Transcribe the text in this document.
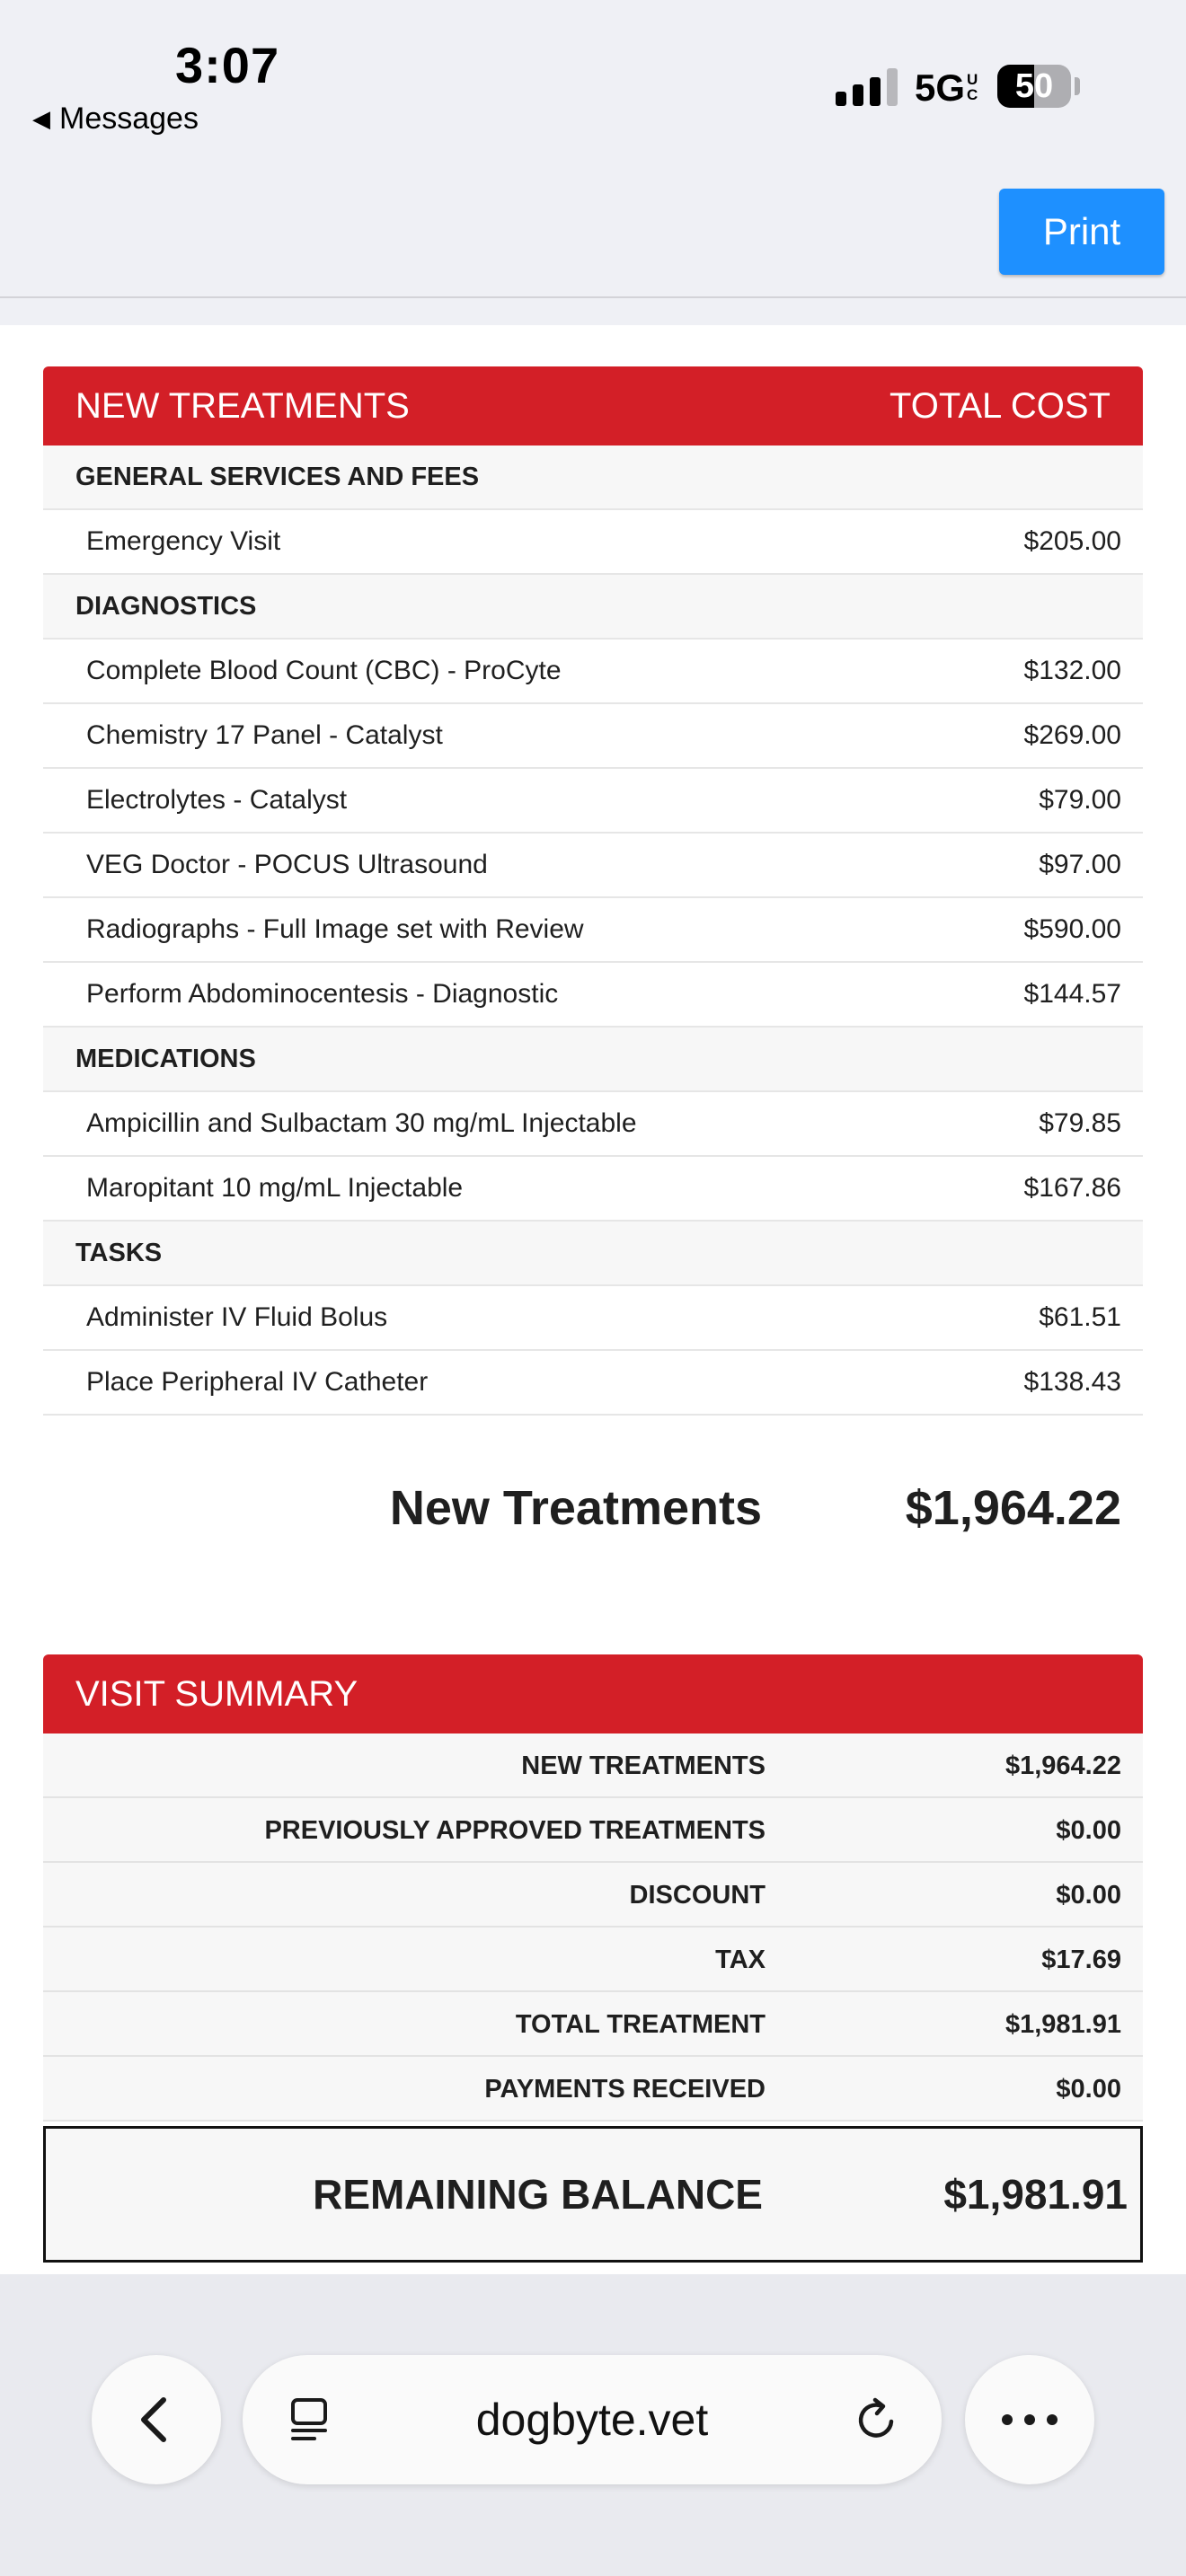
3:07
◀ Messages
5G U
C	50
Print
NEW TREATMENTS	TOTAL COST
GENERAL SERVICES AND FEES
Emergency Visit	$205.00
DIAGNOSTICS
Complete Blood Count (CBC) - ProCyte	$132.00
Chemistry 17 Panel - Catalyst	$269.00
Electrolytes - Catalyst	$79.00
VEG Doctor - POCUS Ultrasound	$97.00
Radiographs - Full Image set with Review	$590.00
Perform Abdominocentesis - Diagnostic	$144.57
MEDICATIONS
Ampicillin and Sulbactam 30 mg/mL Injectable	$79.85
Maropitant 10 mg/mL Injectable	$167.86
TASKS
Administer IV Fluid Bolus	$61.51
Place Peripheral IV Catheter	$138.43
New Treatments	$1,964.22
VISIT SUMMARY
NEW TREATMENTS	$1,964.22
PREVIOUSLY APPROVED TREATMENTS	$0.00
DISCOUNT	$0.00
TAX	$17.69
TOTAL TREATMENT	$1,981.91
PAYMENTS RECEIVED	$0.00
REMAINING BALANCE	$1,981.91
dogbyte.vet
